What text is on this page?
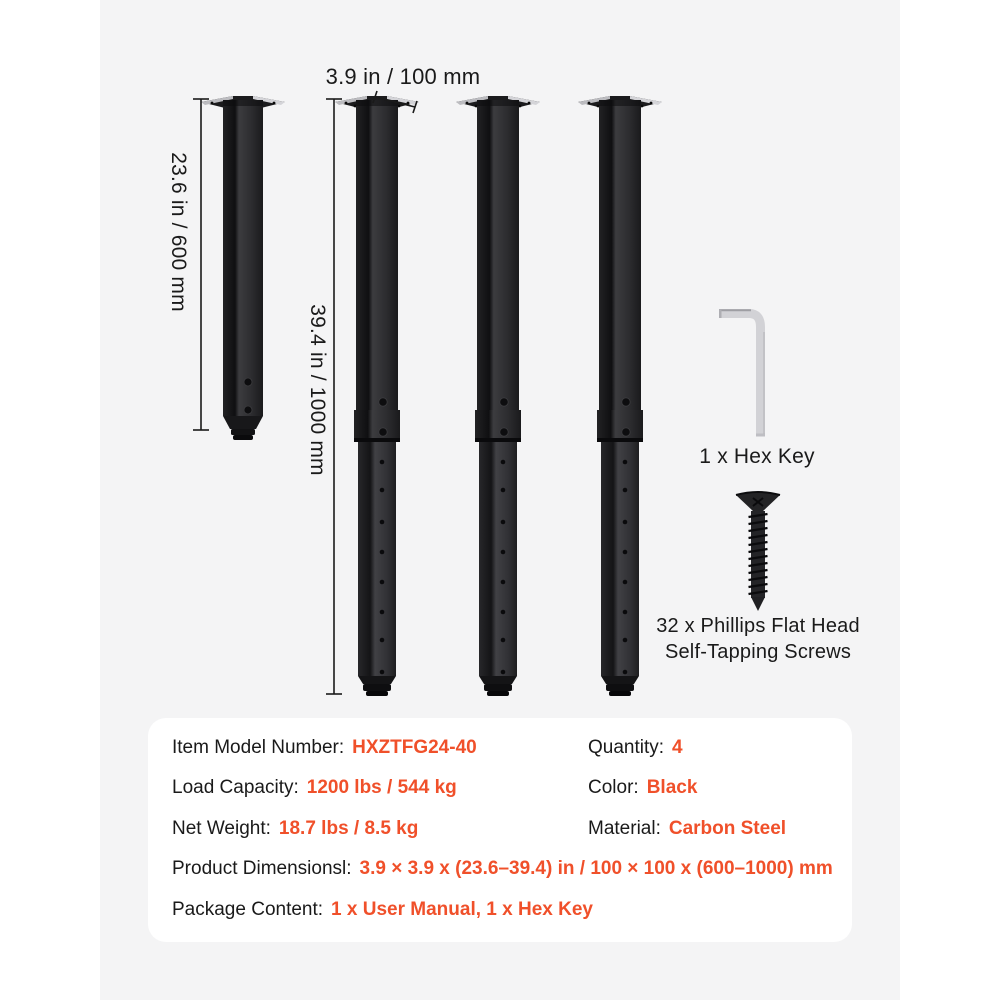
3.9 in / 100 mm
23.6 in / 600 mm
39.4 in / 1000 mm	1 x Hex Key
32 x Phillips Flat Head
Self-Tapping Screws
Item Model Number: HXZTFG24-40
Load Capacity: 1200 lbs / 544 kg
Net Weight: 18.7 lbs / 8.5 kg
Quantity: 4
Color: Black
Material: Carbon Steel
Product Dimensionsl: 3.9 × 3.9 x (23.6–39.4) in / 100 × 100 x (600–1000) mm
Package Content: 1 x User Manual, 1 x Hex Key
